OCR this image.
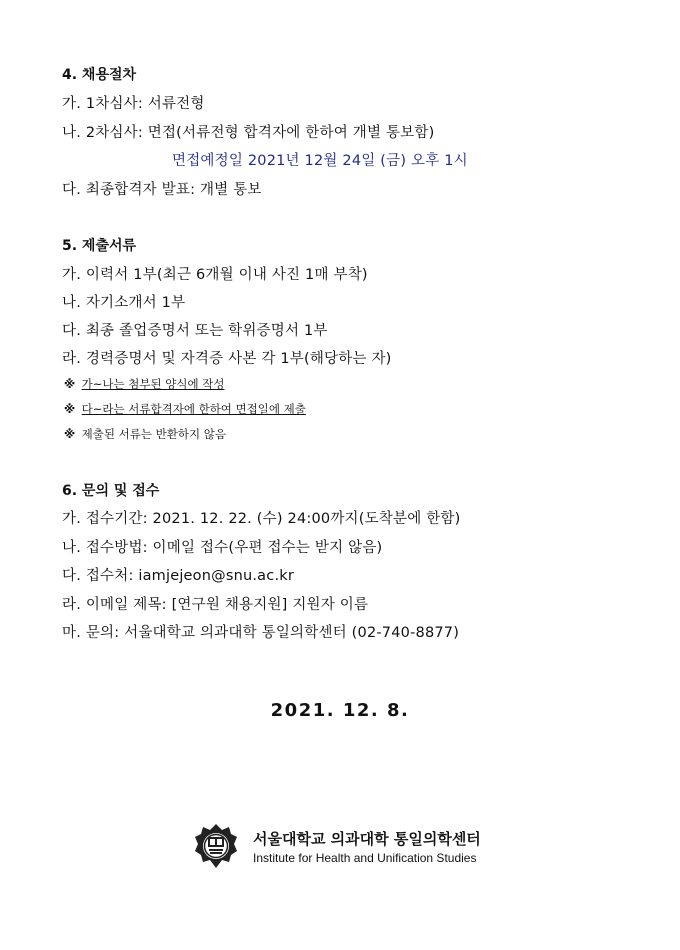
4. 채용절차
가. 1차심사: 서류전형
나. 2차심사: 면접(서류전형 합격자에 한하여 개별 통보함)
면접예정일 2021년 12월 24일 (금) 오후 1시
다. 최종합격자 발표: 개별 통보
5. 제출서류
가. 이력서 1부(최근 6개월 이내 사진 1매 부착)
나. 자기소개서 1부
다. 최종 졸업증명서 또는 학위증명서 1부
라. 경력증명서 및 자격증 사본 각 1부(해당하는 자)
※ 가~나는 첨부된 양식에 작성
※ 다~라는 서류합격자에 한하여 면접일에 제출
※ 제출된 서류는 반환하지 않음
6. 문의 및 접수
가. 접수기간: 2021. 12. 22. (수) 24:00까지(도착분에 한함)
나. 접수방법: 이메일 접수(우편 접수는 받지 않음)
다. 접수처: iamjejeon@snu.ac.kr
라. 이메일 제목: [연구원 채용지원] 지원자 이름
마. 문의: 서울대학교 의과대학 통일의학센터 (02-740-8877)
2021. 12. 8.
서울대학교 의과대학 통일의학센터
Institute for Health and Unification Studies
